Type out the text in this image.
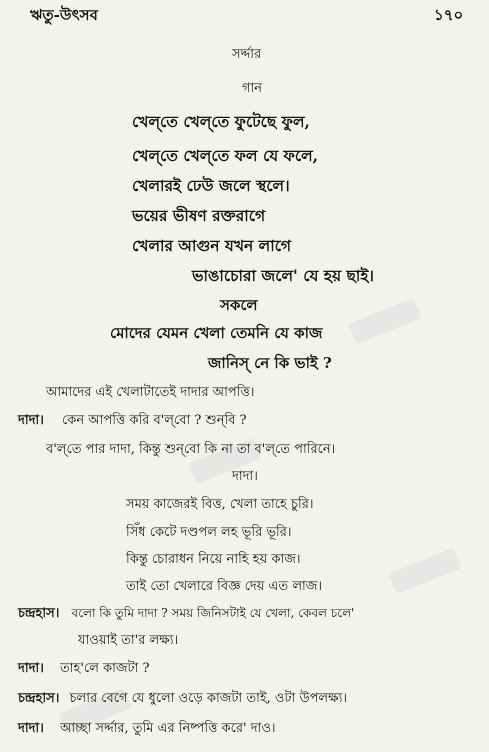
ঋতু-উৎসব	১৭০
সর্দ্দার
গান
খেল্‌তে খেল্‌তে ফুটেছে ফুল,
খেল্‌তে খেল্‌তে ফল যে ফলে,
খেলারই ঢেউ জলে স্থলে।
ভয়ের ভীষণ রক্তরাগে
খেলার আগুন যখন লাগে
ভাঙাচোরা জলে' যে হয় ছাই।
সকলে
মোদের যেমন খেলা তেমনি যে কাজ
জানিস্‌ নে কি ভাই ?
আমাদের এই খেলাটাতেই দাদার আপত্তি।
দাদা। কেন আপত্তি করি ব'ল্‌বো ? শুন্‌বি ?
ব'ল্‌তে পার দাদা, কিন্তু শুন্‌বো কি না তা ব'ল্‌তে পারিনে।
দাদা।
সময় কাজেরই বিত্ত, খেলা তাহে চুরি।
সিঁধ কেটে দণ্ডপল লহ ভূরি ভূরি।
কিন্তু চোরাধন নিয়ে নাহি হয় কাজ।
তাই তো খেলারে বিজ্ঞ দেয় এত লাজ।
চন্দ্রহাস। বলো কি তুমি দাদা ? সময় জিনিসটাই যে খেলা, কেবল চলে'
যাওয়াই তা'র লক্ষ্য।
দাদা। তাহ'লে কাজটা ?
চন্দ্রহাস। চলার বেগে যে ধুলো ওড়ে কাজটা তাই, ওটা উপলক্ষ্য।
দাদা। আচ্ছা সর্দ্দার, তুমি এর নিষ্পত্তি করে' দাও।
